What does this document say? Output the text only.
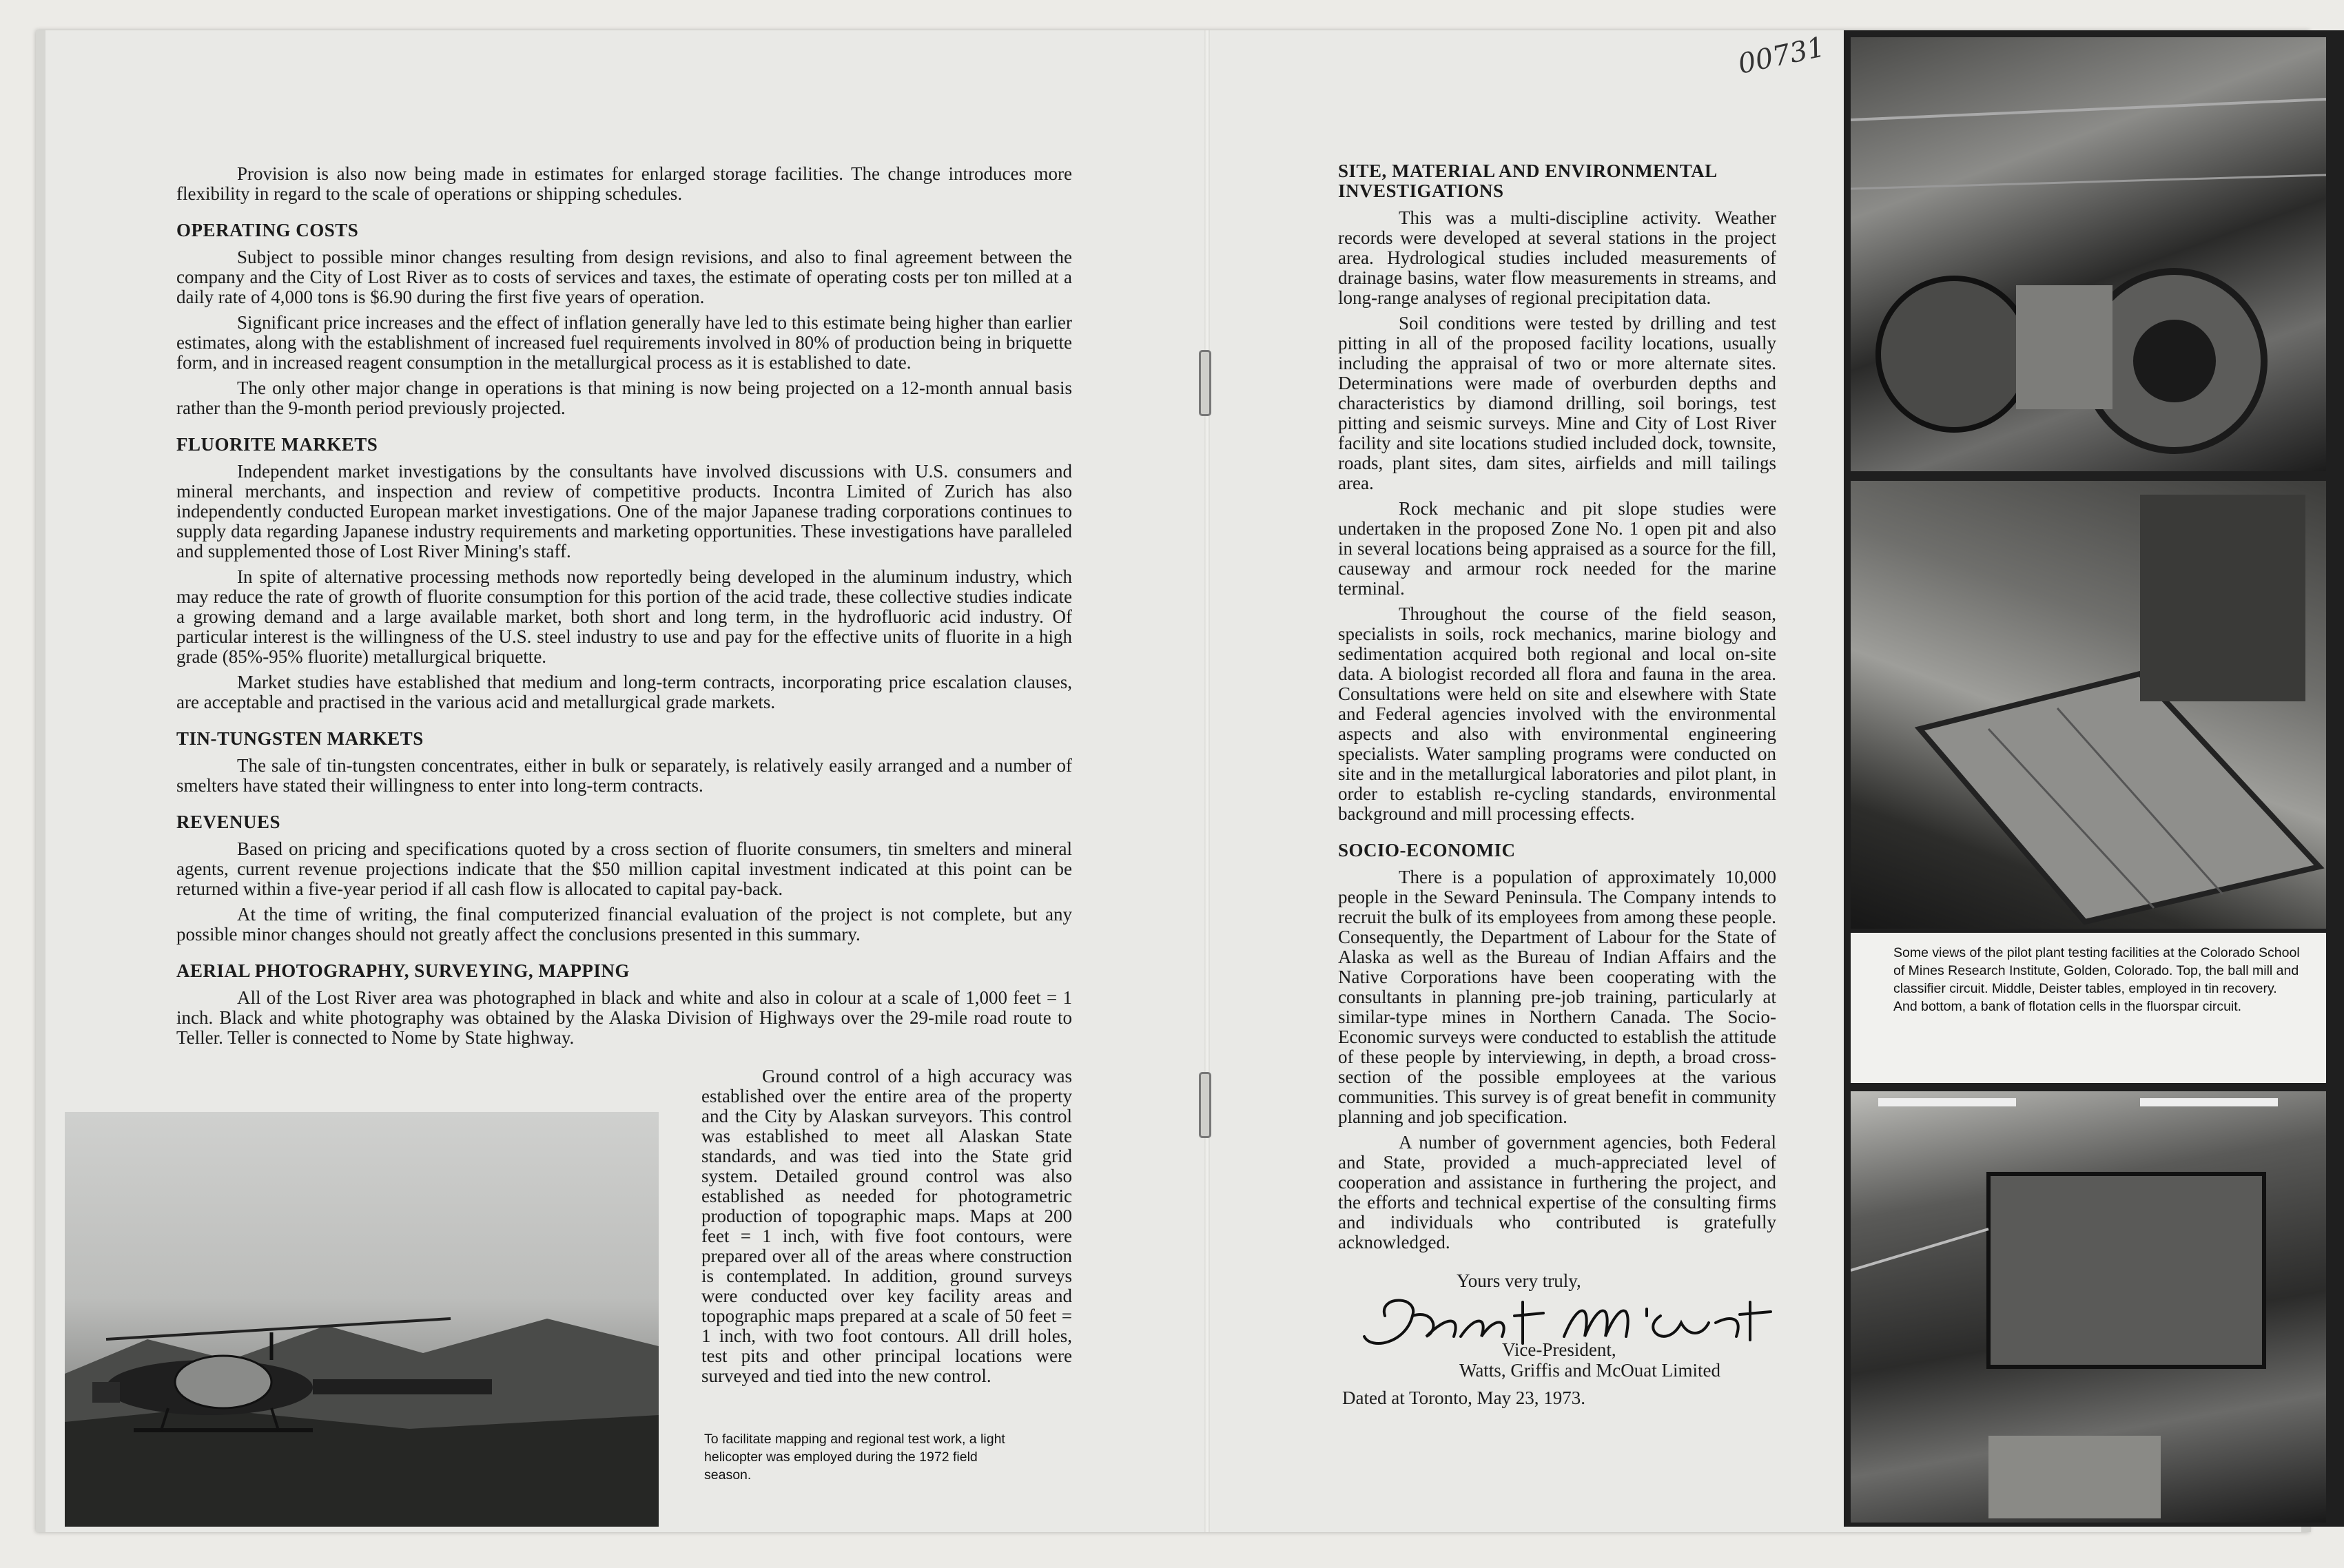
00731

Provision is also now being made in estimates for enlarged storage facilities. The change introduces more flexibility in regard to the scale of operations or shipping schedules.

OPERATING COSTS

Subject to possible minor changes resulting from design revisions, and also to final agreement between the company and the City of Lost River as to costs of services and taxes, the estimate of operating costs per ton milled at a daily rate of 4,000 tons is $6.90 during the first five years of operation.

Significant price increases and the effect of inflation generally have led to this estimate being higher than earlier estimates, along with the establishment of increased fuel requirements involved in 80% of production being in briquette form, and in increased reagent consumption in the metallurgical process as it is established to date.

The only other major change in operations is that mining is now being projected on a 12-month annual basis rather than the 9-month period previously projected.

FLUORITE MARKETS

Independent market investigations by the consultants have involved discussions with U.S. consumers and mineral merchants, and inspection and review of competitive products. Incontra Limited of Zurich has also independently conducted European market investigations. One of the major Japanese trading corporations continues to supply data regarding Japanese industry requirements and marketing opportunities. These investigations have paralleled and supplemented those of Lost River Mining's staff.

In spite of alternative processing methods now reportedly being developed in the aluminum industry, which may reduce the rate of growth of fluorite consumption for this portion of the acid trade, these collective studies indicate a growing demand and a large available market, both short and long term, in the hydrofluoric acid industry. Of particular interest is the willingness of the U.S. steel industry to use and pay for the effective units of fluorite in a high grade (85%-95% fluorite) metallurgical briquette.

Market studies have established that medium and long-term contracts, incorporating price escalation clauses, are acceptable and practised in the various acid and metallurgical grade markets.

TIN-TUNGSTEN MARKETS

The sale of tin-tungsten concentrates, either in bulk or separately, is relatively easily arranged and a number of smelters have stated their willingness to enter into long-term contracts.

REVENUES

Based on pricing and specifications quoted by a cross section of fluorite consumers, tin smelters and mineral agents, current revenue projections indicate that the $50 million capital investment indicated at this point can be returned within a five-year period if all cash flow is allocated to capital pay-back.

At the time of writing, the final computerized financial evaluation of the project is not complete, but any possible minor changes should not greatly affect the conclusions presented in this summary.

AERIAL PHOTOGRAPHY, SURVEYING, MAPPING

All of the Lost River area was photographed in black and white and also in colour at a scale of 1,000 feet = 1 inch. Black and white photography was obtained by the Alaska Division of Highways over the 29-mile road route to Teller. Teller is connected to Nome by State highway.

Ground control of a high accuracy was established over the entire area of the property and the City by Alaskan surveyors. This control was established to meet all Alaskan State standards, and was tied into the State grid system. Detailed ground control was also established as needed for photogrametric production of topographic maps. Maps at 200 feet = 1 inch, with five foot contours, were prepared over all of the areas where construction is contemplated. In addition, ground surveys were conducted over key facility areas and topographic maps prepared at a scale of 50 feet = 1 inch, with two foot contours. All drill holes, test pits and other principal locations were surveyed and tied into the new control.

To facilitate mapping and regional test work, a light helicopter was employed during the 1972 field season.
SITE, MATERIAL AND ENVIRONMENTAL INVESTIGATIONS

This was a multi-discipline activity. Weather records were developed at several stations in the project area. Hydrological studies included measurements of drainage basins, water flow measurements in streams, and long-range analyses of regional precipitation data.

Soil conditions were tested by drilling and test pitting in all of the proposed facility locations, usually including the appraisal of two or more alternate sites. Determinations were made of overburden depths and characteristics by diamond drilling, soil borings, test pitting and seismic surveys. Mine and City of Lost River facility and site locations studied included dock, townsite, roads, plant sites, dam sites, airfields and mill tailings area.

Rock mechanic and pit slope studies were undertaken in the proposed Zone No. 1 open pit and also in several locations being appraised as a source for the fill, causeway and armour rock needed for the marine terminal.

Throughout the course of the field season, specialists in soils, rock mechanics, marine biology and sedimentation acquired both regional and local on-site data. A biologist recorded all flora and fauna in the area. Consultations were held on site and elsewhere with State and Federal agencies involved with the environmental aspects and also with environmental engineering specialists. Water sampling programs were conducted on site and in the metallurgical laboratories and pilot plant, in order to establish re-cycling standards, environmental background and mill processing effects.

SOCIO-ECONOMIC

There is a population of approximately 10,000 people in the Seward Peninsula. The Company intends to recruit the bulk of its employees from among these people. Consequently, the Department of Labour for the State of Alaska as well as the Bureau of Indian Affairs and the Native Corporations have been cooperating with the consultants in planning pre-job training, particularly at similar-type mines in Northern Canada. The Socio-Economic surveys were conducted to establish the attitude of these people by interviewing, in depth, a broad cross-section of the possible employees at the various communities. This survey is of great benefit in community planning and job specification.

A number of government agencies, both Federal and State, provided a much-appreciated level of cooperation and assistance in furthering the project, and the efforts and technical expertise of the consulting firms and individuals who contributed is gratefully acknowledged.

Yours very truly,
Vice-President,
Watts, Griffis and McOuat Limited
Dated at Toronto, May 23, 1973.
Some views of the pilot plant testing facilities at the Colorado School of Mines Research Institute, Golden, Colorado. Top, the ball mill and classifier circuit. Middle, Deister tables, employed in tin recovery. And bottom, a bank of flotation cells in the fluorspar circuit.
